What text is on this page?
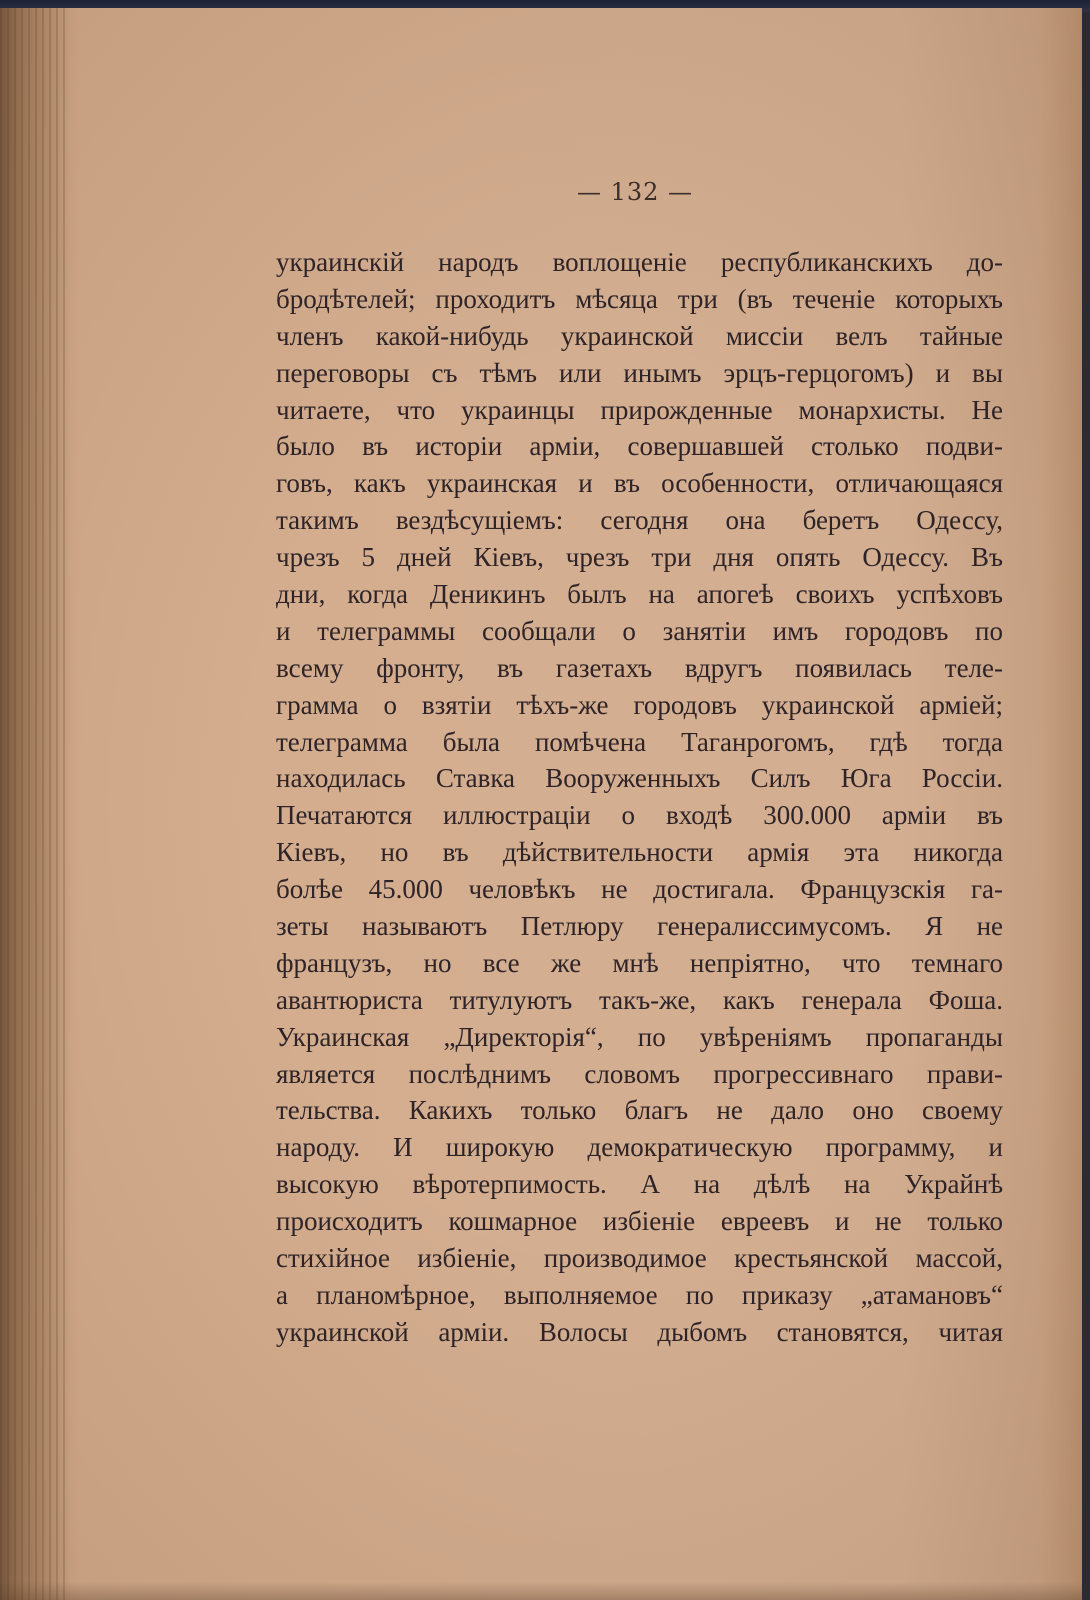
— 132 —
украинскій народъ воплощеніе республиканскихъ до-
бродѣтелей; проходитъ мѣсяца три (въ теченіе которыхъ
членъ какой-нибудь украинской миссіи велъ тайные
переговоры съ тѣмъ или инымъ эрцъ-герцогомъ) и вы
читаете, что украинцы прирожденные монархисты. Не
было въ исторіи арміи, совершавшей столько подви-
говъ, какъ украинская и въ особенности, отличающаяся
такимъ вездѣсущіемъ: сегодня она беретъ Одессу,
чрезъ 5 дней Кіевъ, чрезъ три дня опять Одессу. Въ
дни, когда Деникинъ былъ на апогеѣ своихъ успѣховъ
и телеграммы сообщали о занятіи имъ городовъ по
всему фронту, въ газетахъ вдругъ появилась теле-
грамма о взятіи тѣхъ-же городовъ украинской арміей;
телеграмма была помѣчена Таганрогомъ, гдѣ тогда
находилась Ставка Вооруженныхъ Силъ Юга Россіи.
Печатаются иллюстраціи о входѣ 300.000 арміи въ
Кіевъ, но въ дѣйствительности армія эта никогда
болѣе 45.000 человѣкъ не достигала. Французскія га-
зеты называютъ Петлюру генералиссимусомъ. Я не
французъ, но все же мнѣ непріятно, что темнаго
авантюриста титулуютъ такъ-же, какъ генерала Фоша.
Украинская „Директорія“, по увѣреніямъ пропаганды
является послѣднимъ словомъ прогрессивнаго прави-
тельства. Какихъ только благъ не дало оно своему
народу. И широкую демократическую программу, и
высокую вѣротерпимость. А на дѣлѣ на Украйнѣ
происходитъ кошмарное избіеніе евреевъ и не только
стихійное избіеніе, производимое крестьянской массой,
а планомѣрное, выполняемое по приказу „атамановъ“
украинской арміи. Волосы дыбомъ становятся, читая
